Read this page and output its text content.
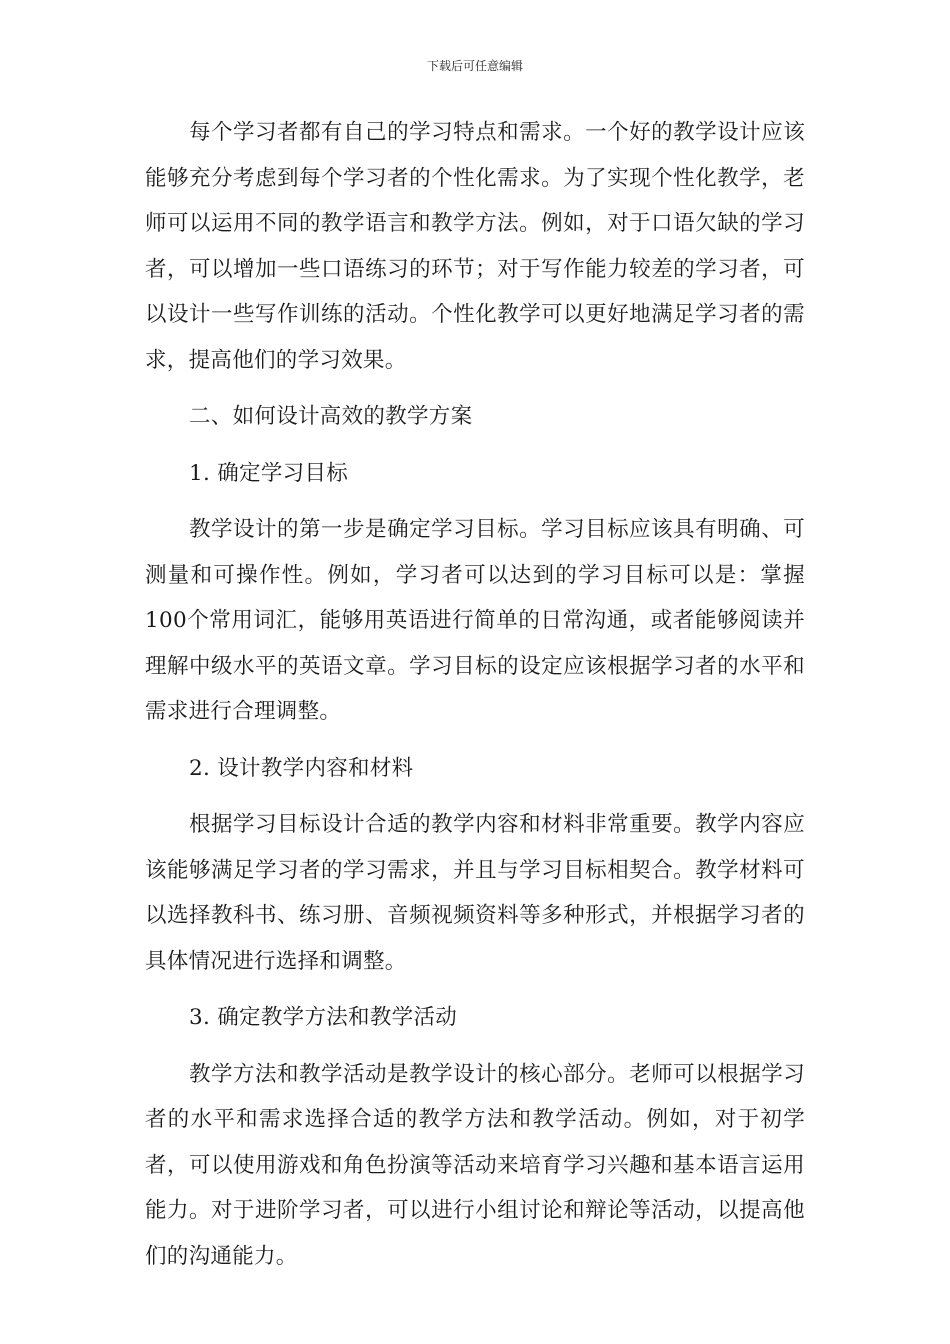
下载后可任意编辑

每个学习者都有自己的学习特点和需求。一个好的教学设计应该能够充分考虑到每个学习者的个性化需求。为了实现个性化教学，老师可以运用不同的教学语言和教学方法。例如，对于口语欠缺的学习者，可以增加一些口语练习的环节；对于写作能力较差的学习者，可以设计一些写作训练的活动。个性化教学可以更好地满足学习者的需求，提高他们的学习效果。

二、如何设计高效的教学方案

1. 确定学习目标

教学设计的第一步是确定学习目标。学习目标应该具有明确、可测量和可操作性。例如，学习者可以达到的学习目标可以是：掌握100个常用词汇，能够用英语进行简单的日常沟通，或者能够阅读并理解中级水平的英语文章。学习目标的设定应该根据学习者的水平和需求进行合理调整。

2. 设计教学内容和材料

根据学习目标设计合适的教学内容和材料非常重要。教学内容应该能够满足学习者的学习需求，并且与学习目标相契合。教学材料可以选择教科书、练习册、音频视频资料等多种形式，并根据学习者的具体情况进行选择和调整。

3. 确定教学方法和教学活动

教学方法和教学活动是教学设计的核心部分。老师可以根据学习者的水平和需求选择合适的教学方法和教学活动。例如，对于初学者，可以使用游戏和角色扮演等活动来培育学习兴趣和基本语言运用能力。对于进阶学习者，可以进行小组讨论和辩论等活动，以提高他们的沟通能力。
